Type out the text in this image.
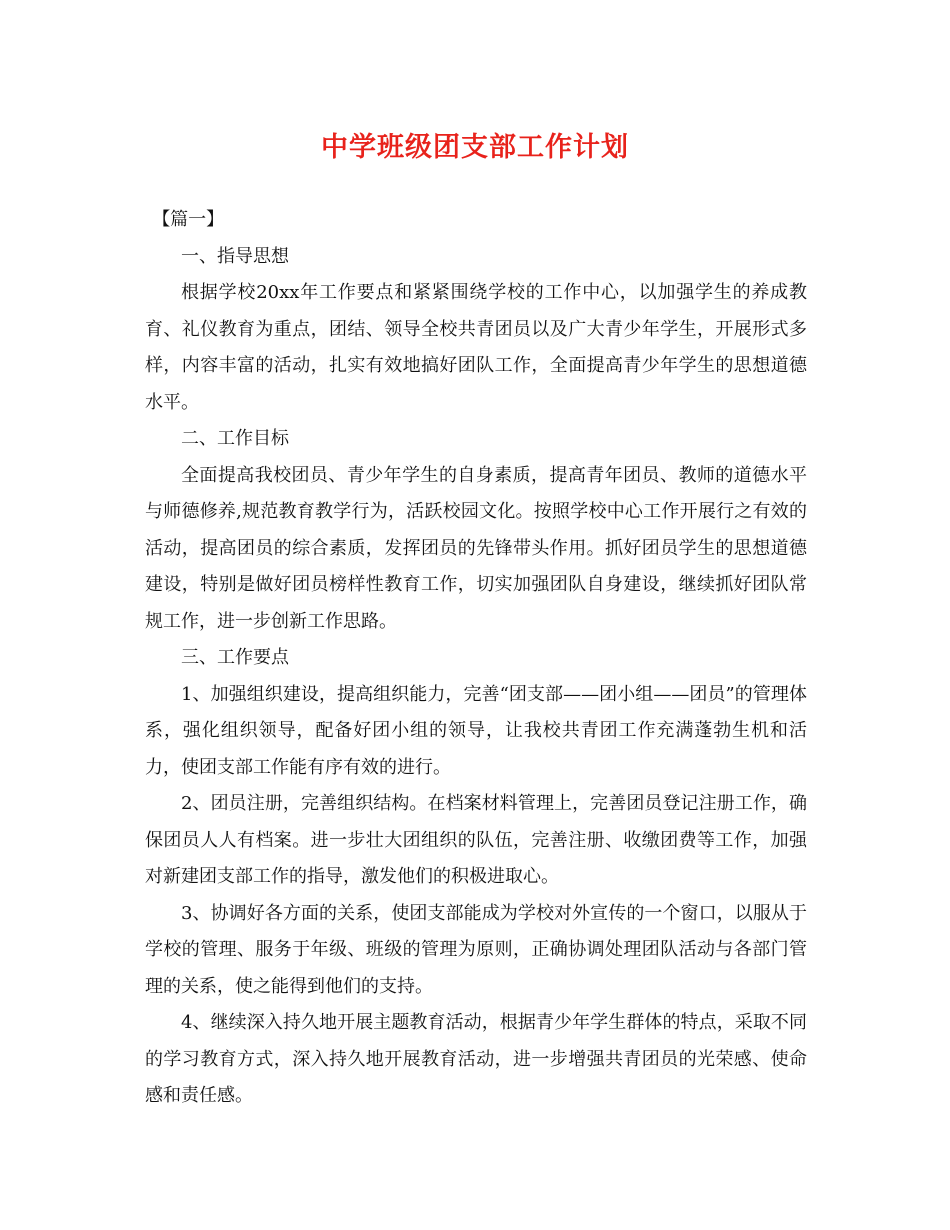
中学班级团支部工作计划

【篇一】

一、指导思想

根据学校20xx年工作要点和紧紧围绕学校的工作中心，以加强学生的养成教育、礼仪教育为重点，团结、领导全校共青团员以及广大青少年学生，开展形式多样，内容丰富的活动，扎实有效地搞好团队工作，全面提高青少年学生的思想道德水平。

二、工作目标

全面提高我校团员、青少年学生的自身素质，提高青年团员、教师的道德水平与师德修养,规范教育教学行为，活跃校园文化。按照学校中心工作开展行之有效的活动，提高团员的综合素质，发挥团员的先锋带头作用。抓好团员学生的思想道德建设，特别是做好团员榜样性教育工作，切实加强团队自身建设，继续抓好团队常规工作，进一步创新工作思路。

三、工作要点

1、加强组织建设，提高组织能力，完善“团支部——团小组——团员”的管理体系，强化组织领导，配备好团小组的领导，让我校共青团工作充满蓬勃生机和活力，使团支部工作能有序有效的进行。

2、团员注册，完善组织结构。在档案材料管理上，完善团员登记注册工作，确保团员人人有档案。进一步壮大团组织的队伍，完善注册、收缴团费等工作，加强对新建团支部工作的指导，激发他们的积极进取心。

3、协调好各方面的关系，使团支部能成为学校对外宣传的一个窗口，以服从于学校的管理、服务于年级、班级的管理为原则，正确协调处理团队活动与各部门管理的关系，使之能得到他们的支持。

4、继续深入持久地开展主题教育活动，根据青少年学生群体的特点，采取不同的学习教育方式，深入持久地开展教育活动，进一步增强共青团员的光荣感、使命感和责任感。
